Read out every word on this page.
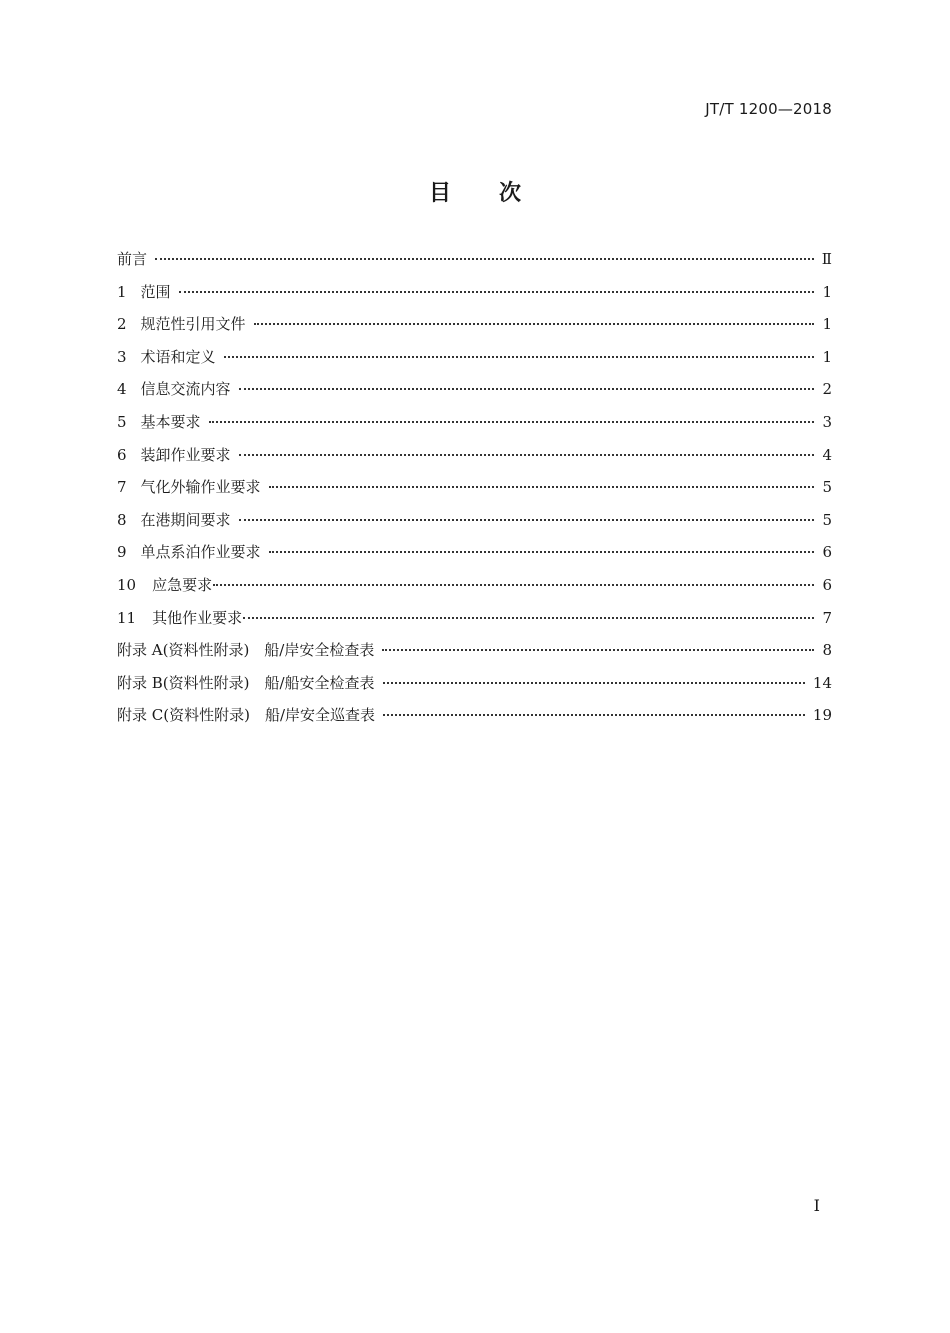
JT/T 1200—2018
目次
前言	Ⅱ
1 范围	1
2 规范性引用文件	1
3 术语和定义	1
4 信息交流内容	2
5 基本要求	3
6 装卸作业要求	4
7 气化外输作业要求	5
8 在港期间要求	5
9 单点系泊作业要求	6
10 应急要求	6
11 其他作业要求	7
附录 A(资料性附录)　船/岸安全检查表	8
附录 B(资料性附录)　船/船安全检查表	14
附录 C(资料性附录)　船/岸安全巡查表	19
Ⅰ
